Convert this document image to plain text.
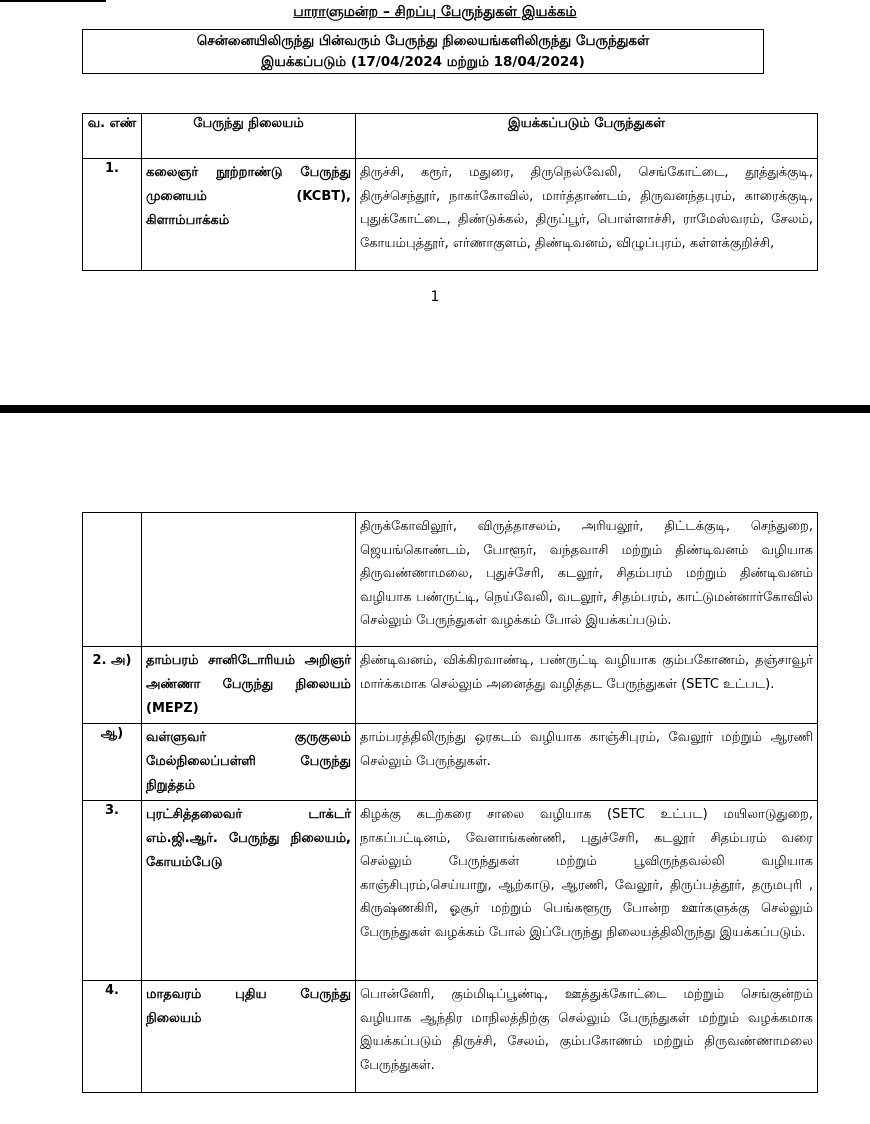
பாராளுமன்ற – சிறப்பு பேருந்துகள் இயக்கம்
சென்னையிலிருந்து பின்வரும் பேருந்து நிலையங்களிலிருந்து பேருந்துகள்
இயக்கப்படும் (17/04/2024 மற்றும் 18/04/2024)
வ. எண்	பேருந்து நிலையம்	இயக்கப்படும் பேருந்துகள்
1.	கலைஞர் நூற்றாண்டு பேருந்து முனையம் (KCBT), கிளாம்பாக்கம்	திருச்சி, கரூர், மதுரை, திருநெல்வேலி, செங்கோட்டை, தூத்துக்குடி, திருச்செந்தூர், நாகர்கோவில், மார்த்தாண்டம், திருவனந்தபுரம், காரைக்குடி, புதுக்கோட்டை, திண்டுக்கல், திருப்பூர், பொள்ளாச்சி, ராமேஸ்வரம், சேலம், கோயம்புத்தூர், எர்ணாகுளம், திண்டிவனம், விழுப்புரம், கள்ளக்குறிச்சி,
1
		திருக்கோவிலூர், விருத்தாசலம், அரியலூர், திட்டக்குடி, செந்துறை, ஜெயங்கொண்டம், போளூர், வந்தவாசி மற்றும் திண்டிவனம் வழியாக திருவண்ணாமலை, புதுச்சேரி, கடலூர், சிதம்பரம் மற்றும் திண்டிவனம் வழியாக பண்ருட்டி, நெய்வேலி, வடலூர், சிதம்பரம், காட்டுமன்னார்கோவில் செல்லும் பேருந்துகள் வழக்கம் போல் இயக்கப்படும்.
2. அ)	தாம்பரம் சானிடோரியம் அறிஞர் அண்ணா பேருந்து நிலையம் (MEPZ)	திண்டிவனம், விக்கிரவாண்டி, பண்ருட்டி வழியாக கும்பகோணம், தஞ்சாவூர் மார்க்கமாக செல்லும் அனைத்து வழித்தட பேருந்துகள் (SETC உட்பட).
ஆ)	வள்ளுவர் குருகுலம் மேல்நிலைப்பள்ளி பேருந்து நிறுத்தம்	தாம்பரத்திலிருந்து ஒரகடம் வழியாக காஞ்சிபுரம், வேலூர் மற்றும் ஆரணி செல்லும் பேருந்துகள்.
3.	புரட்சித்தலைவர் டாக்டர் எம்.ஜி.ஆர். பேருந்து நிலையம், கோயம்பேடு	கிழக்கு கடற்கரை சாலை வழியாக (SETC உட்பட) மயிலாடுதுறை, நாகப்பட்டினம், வேளாங்கண்ணி, புதுச்சேரி, கடலூர் சிதம்பரம் வரை செல்லும் பேருந்துகள் மற்றும் பூவிருந்தவல்லி வழியாக காஞ்சிபுரம்,செய்யாறு, ஆற்காடு, ஆரணி, வேலூர், திருப்பத்தூர், தருமபுரி , கிருஷ்ணகிரி, ஓசூர் மற்றும் பெங்களூரு போன்ற ஊர்களுக்கு செல்லும் பேருந்துகள் வழக்கம் போல் இப்பேருந்து நிலையத்திலிருந்து இயக்கப்படும்.
4.	மாதவரம் புதிய பேருந்து நிலையம்	பொன்னேரி, கும்மிடிப்பூண்டி, ஊத்துக்கோட்டை மற்றும் செங்குன்றம் வழியாக ஆந்திர மாநிலத்திற்கு செல்லும் பேருந்துகள் மற்றும் வழக்கமாக இயக்கப்படும் திருச்சி, சேலம், கும்பகோணம் மற்றும் திருவண்ணாமலை பேருந்துகள்.
